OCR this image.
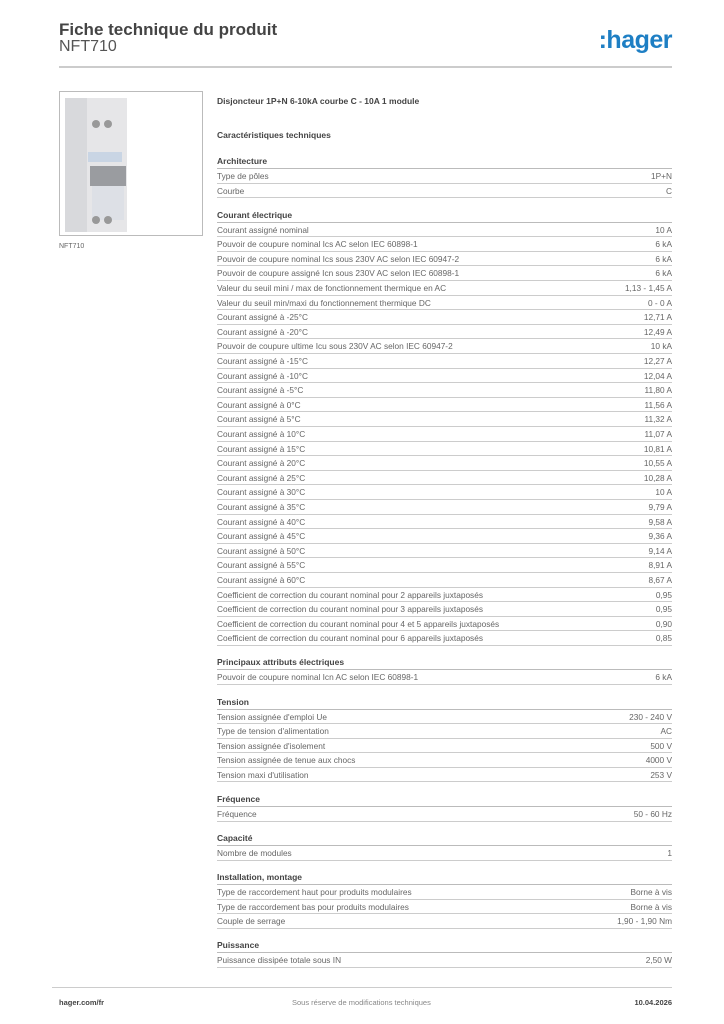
Fiche technique du produit
NFT710	:hager
NFT710
Disjoncteur 1P+N 6-10kA courbe C - 10A 1 module
Caractéristiques techniques
Architecture
Type de pôles	1P+N
Courbe	C
Courant électrique
Courant assigné nominal	10 A
Pouvoir de coupure nominal Ics AC selon IEC 60898-1	6 kA
Pouvoir de coupure nominal Ics sous 230V AC selon IEC 60947-2	6 kA
Pouvoir de coupure assigné Icn sous 230V AC selon IEC 60898-1	6 kA
Valeur du seuil mini / max de fonctionnement thermique en AC	1,13 - 1,45 A
Valeur du seuil min/maxi du fonctionnement thermique DC	0 - 0 A
Courant assigné à -25°C	12,71 A
Courant assigné à -20°C	12,49 A
Pouvoir de coupure ultime Icu sous 230V AC selon IEC 60947-2	10 kA
Courant assigné à -15°C	12,27 A
Courant assigné à -10°C	12,04 A
Courant assigné à -5°C	11,80 A
Courant assigné à 0°C	11,56 A
Courant assigné à 5°C	11,32 A
Courant assigné à 10°C	11,07 A
Courant assigné à 15°C	10,81 A
Courant assigné à 20°C	10,55 A
Courant assigné à 25°C	10,28 A
Courant assigné à 30°C	10 A
Courant assigné à 35°C	9,79 A
Courant assigné à 40°C	9,58 A
Courant assigné à 45°C	9,36 A
Courant assigné à 50°C	9,14 A
Courant assigné à 55°C	8,91 A
Courant assigné à 60°C	8,67 A
Coefficient de correction du courant nominal pour 2 appareils juxtaposés	0,95
Coefficient de correction du courant nominal pour 3 appareils juxtaposés	0,95
Coefficient de correction du courant nominal pour 4 et 5 appareils juxtaposés	0,90
Coefficient de correction du courant nominal pour 6 appareils juxtaposés	0,85
Principaux attributs électriques
Pouvoir de coupure nominal Icn AC selon IEC 60898-1	6 kA
Tension
Tension assignée d'emploi Ue	230 - 240 V
Type de tension d'alimentation	AC
Tension assignée d'isolement	500 V
Tension assignée de tenue aux chocs	4000 V
Tension maxi d'utilisation	253 V
Fréquence
Fréquence	50 - 60 Hz
Capacité
Nombre de modules	1
Installation, montage
Type de raccordement haut pour produits modulaires	Borne à vis
Type de raccordement bas pour produits modulaires	Borne à vis
Couple de serrage	1,90 - 1,90 Nm
Puissance
Puissance dissipée totale sous IN	2,50 W
hager.com/fr	Sous réserve de modifications techniques	10.04.2026
